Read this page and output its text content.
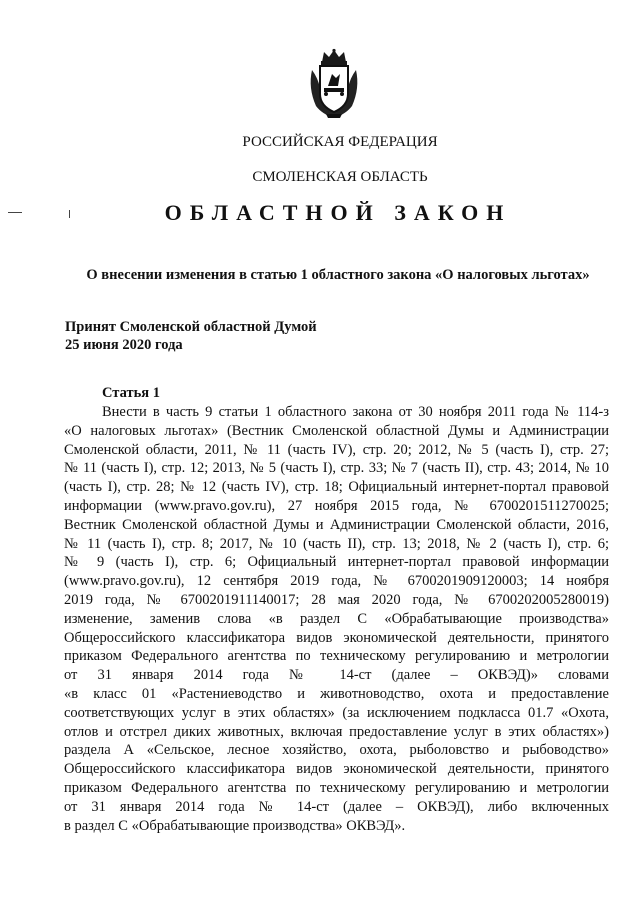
РОССИЙСКАЯ ФЕДЕРАЦИЯ
СМОЛЕНСКАЯ ОБЛАСТЬ
ОБЛАСТНОЙ ЗАКОН
О внесении изменения в статью 1 областного закона «О налоговых льготах»
Принят Смоленской областной Думой
25 июня 2020 года
Статья 1
Внести в часть 9 статьи 1 областного закона от 30 ноября 2011 года № 114-з
«О налоговых льготах» (Вестник Смоленской областной Думы и Администрации
Смоленской области, 2011, № 11 (часть IV), стр. 20; 2012, № 5 (часть I), стр. 27;
№ 11 (часть I), стр. 12; 2013, № 5 (часть I), стр. 33; № 7 (часть II), стр. 43; 2014, № 10
(часть I), стр. 28; № 12 (часть IV), стр. 18; Официальный интернет-портал правовой
информации (www.pravo.gov.ru), 27 ноября 2015 года, № 6700201511270025;
Вестник Смоленской областной Думы и Администрации Смоленской области, 2016,
№ 11 (часть I), стр. 8; 2017, № 10 (часть II), стр. 13; 2018, № 2 (часть I), стр. 6;
№ 9 (часть I), стр. 6; Официальный интернет-портал правовой информации
(www.pravo.gov.ru), 12 сентября 2019 года, № 6700201909120003; 14 ноября
2019 года, № 6700201911140017; 28 мая 2020 года, № 6700202005280019)
изменение, заменив слова «в раздел С «Обрабатывающие производства»
Общероссийского классификатора видов экономической деятельности, принятого
приказом Федерального агентства по техническому регулированию и метрологии
от 31 января 2014 года № 14-ст (далее – ОКВЭД)» словами
«в класс 01 «Растениеводство и животноводство, охота и предоставление
соответствующих услуг в этих областях» (за исключением подкласса 01.7 «Охота,
отлов и отстрел диких животных, включая предоставление услуг в этих областях»)
раздела А «Сельское, лесное хозяйство, охота, рыболовство и рыбоводство»
Общероссийского классификатора видов экономической деятельности, принятого
приказом Федерального агентства по техническому регулированию и метрологии
от 31 января 2014 года № 14-ст (далее – ОКВЭД), либо включенных
в раздел С «Обрабатывающие производства» ОКВЭД».
